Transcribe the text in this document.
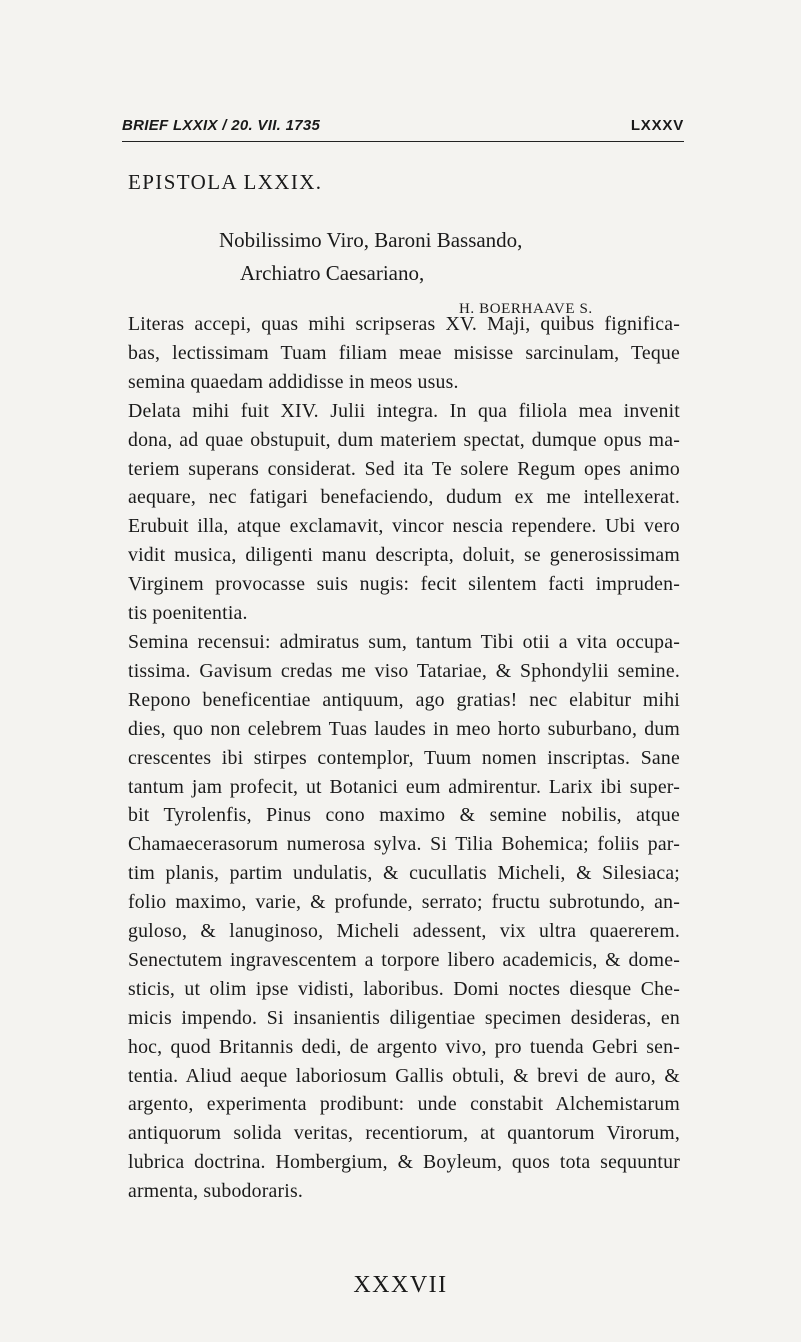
BRIEF LXXIX / 20. VII. 1735	LXXXV
EPISTOLA LXXIX.
Nobilissimo Viro, Baroni Bassando,
Archiatro Caesariano,
H. BOERHAAVE S.
Literas accepi, quas mihi scripseras XV. Maji, quibus fignifica-
bas, lectissimam Tuam filiam meae misisse sarcinulam, Teque
semina quaedam addidisse in meos usus.
Delata mihi fuit XIV. Julii integra. In qua filiola mea invenit
dona, ad quae obstupuit, dum materiem spectat, dumque opus ma-
teriem superans considerat. Sed ita Te solere Regum opes animo
aequare, nec fatigari benefaciendo, dudum ex me intellexerat.
Erubuit illa, atque exclamavit, vincor nescia rependere. Ubi vero
vidit musica, diligenti manu descripta, doluit, se generosissimam
Virginem provocasse suis nugis: fecit silentem facti impruden-
tis poenitentia.
Semina recensui: admiratus sum, tantum Tibi otii a vita occupa-
tissima. Gavisum credas me viso Tatariae, & Sphondylii semine.
Repono beneficentiae antiquum, ago gratias! nec elabitur mihi
dies, quo non celebrem Tuas laudes in meo horto suburbano, dum
crescentes ibi stirpes contemplor, Tuum nomen inscriptas. Sane
tantum jam profecit, ut Botanici eum admirentur. Larix ibi super-
bit Tyrolenfis, Pinus cono maximo & semine nobilis, atque
Chamaecerasorum numerosa sylva. Si Tilia Bohemica; foliis par-
tim planis, partim undulatis, & cucullatis Micheli, & Silesiaca;
folio maximo, varie, & profunde, serrato; fructu subrotundo, an-
guloso, & lanuginoso, Micheli adessent, vix ultra quaererem.
Senectutem ingravescentem a torpore libero academicis, & dome-
sticis, ut olim ipse vidisti, laboribus. Domi noctes diesque Che-
micis impendo. Si insanientis diligentiae specimen desideras, en
hoc, quod Britannis dedi, de argento vivo, pro tuenda Gebri sen-
tentia. Aliud aeque laboriosum Gallis obtuli, & brevi de auro, &
argento, experimenta prodibunt: unde constabit Alchemistarum
antiquorum solida veritas, recentiorum, at quantorum Virorum,
lubrica doctrina. Hombergium, & Boyleum, quos tota sequuntur
armenta, subodoraris.
XXXVII
